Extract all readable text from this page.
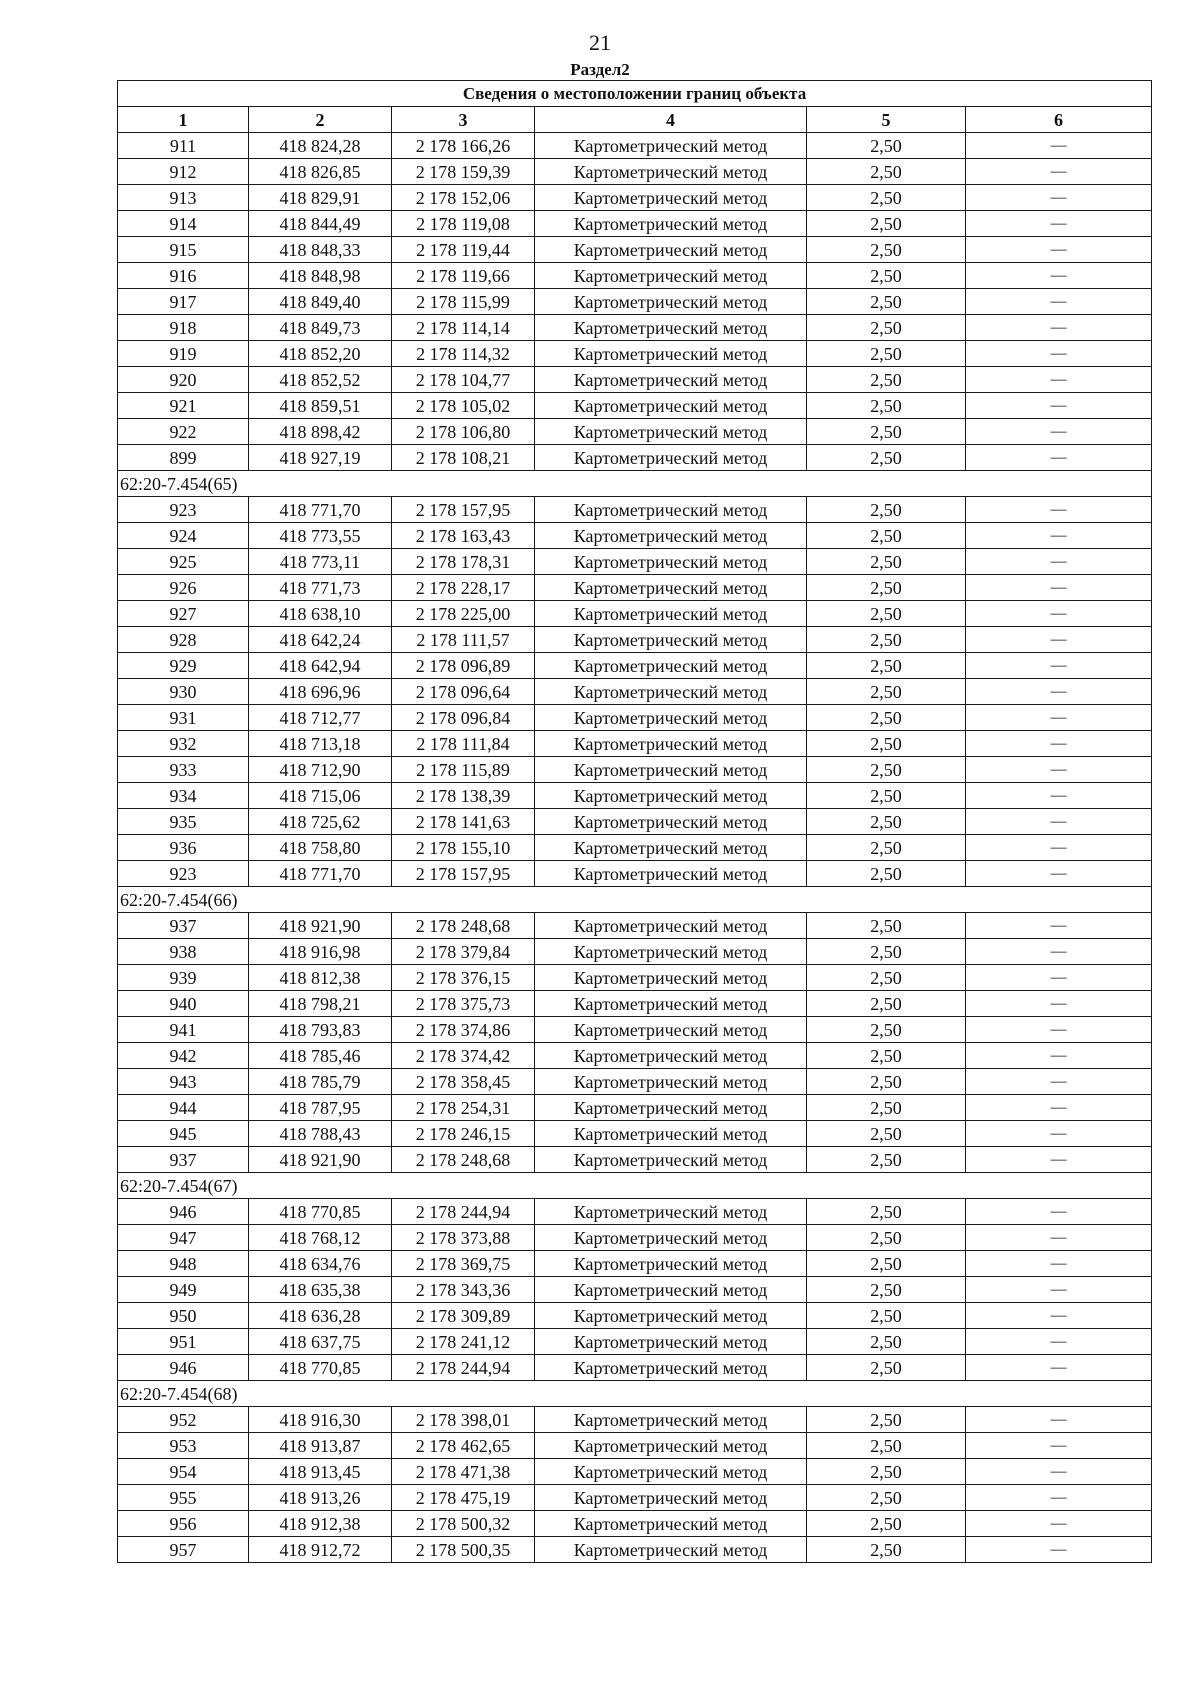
21
Раздел2
Сведения о местоположении границ объекта					
1	2	3	4	5	6
911	418 824,28	2 178 166,26	Картометрический метод	2,50	—
912	418 826,85	2 178 159,39	Картометрический метод	2,50	—
913	418 829,91	2 178 152,06	Картометрический метод	2,50	—
914	418 844,49	2 178 119,08	Картометрический метод	2,50	—
915	418 848,33	2 178 119,44	Картометрический метод	2,50	—
916	418 848,98	2 178 119,66	Картометрический метод	2,50	—
917	418 849,40	2 178 115,99	Картометрический метод	2,50	—
918	418 849,73	2 178 114,14	Картометрический метод	2,50	—
919	418 852,20	2 178 114,32	Картометрический метод	2,50	—
920	418 852,52	2 178 104,77	Картометрический метод	2,50	—
921	418 859,51	2 178 105,02	Картометрический метод	2,50	—
922	418 898,42	2 178 106,80	Картометрический метод	2,50	—
899	418 927,19	2 178 108,21	Картометрический метод	2,50	—
62:20-7.454(65)					
923	418 771,70	2 178 157,95	Картометрический метод	2,50	—
924	418 773,55	2 178 163,43	Картометрический метод	2,50	—
925	418 773,11	2 178 178,31	Картометрический метод	2,50	—
926	418 771,73	2 178 228,17	Картометрический метод	2,50	—
927	418 638,10	2 178 225,00	Картометрический метод	2,50	—
928	418 642,24	2 178 111,57	Картометрический метод	2,50	—
929	418 642,94	2 178 096,89	Картометрический метод	2,50	—
930	418 696,96	2 178 096,64	Картометрический метод	2,50	—
931	418 712,77	2 178 096,84	Картометрический метод	2,50	—
932	418 713,18	2 178 111,84	Картометрический метод	2,50	—
933	418 712,90	2 178 115,89	Картометрический метод	2,50	—
934	418 715,06	2 178 138,39	Картометрический метод	2,50	—
935	418 725,62	2 178 141,63	Картометрический метод	2,50	—
936	418 758,80	2 178 155,10	Картометрический метод	2,50	—
923	418 771,70	2 178 157,95	Картометрический метод	2,50	—
62:20-7.454(66)					
937	418 921,90	2 178 248,68	Картометрический метод	2,50	—
938	418 916,98	2 178 379,84	Картометрический метод	2,50	—
939	418 812,38	2 178 376,15	Картометрический метод	2,50	—
940	418 798,21	2 178 375,73	Картометрический метод	2,50	—
941	418 793,83	2 178 374,86	Картометрический метод	2,50	—
942	418 785,46	2 178 374,42	Картометрический метод	2,50	—
943	418 785,79	2 178 358,45	Картометрический метод	2,50	—
944	418 787,95	2 178 254,31	Картометрический метод	2,50	—
945	418 788,43	2 178 246,15	Картометрический метод	2,50	—
937	418 921,90	2 178 248,68	Картометрический метод	2,50	—
62:20-7.454(67)					
946	418 770,85	2 178 244,94	Картометрический метод	2,50	—
947	418 768,12	2 178 373,88	Картометрический метод	2,50	—
948	418 634,76	2 178 369,75	Картометрический метод	2,50	—
949	418 635,38	2 178 343,36	Картометрический метод	2,50	—
950	418 636,28	2 178 309,89	Картометрический метод	2,50	—
951	418 637,75	2 178 241,12	Картометрический метод	2,50	—
946	418 770,85	2 178 244,94	Картометрический метод	2,50	—
62:20-7.454(68)					
952	418 916,30	2 178 398,01	Картометрический метод	2,50	—
953	418 913,87	2 178 462,65	Картометрический метод	2,50	—
954	418 913,45	2 178 471,38	Картометрический метод	2,50	—
955	418 913,26	2 178 475,19	Картометрический метод	2,50	—
956	418 912,38	2 178 500,32	Картометрический метод	2,50	—
957	418 912,72	2 178 500,35	Картометрический метод	2,50	—
